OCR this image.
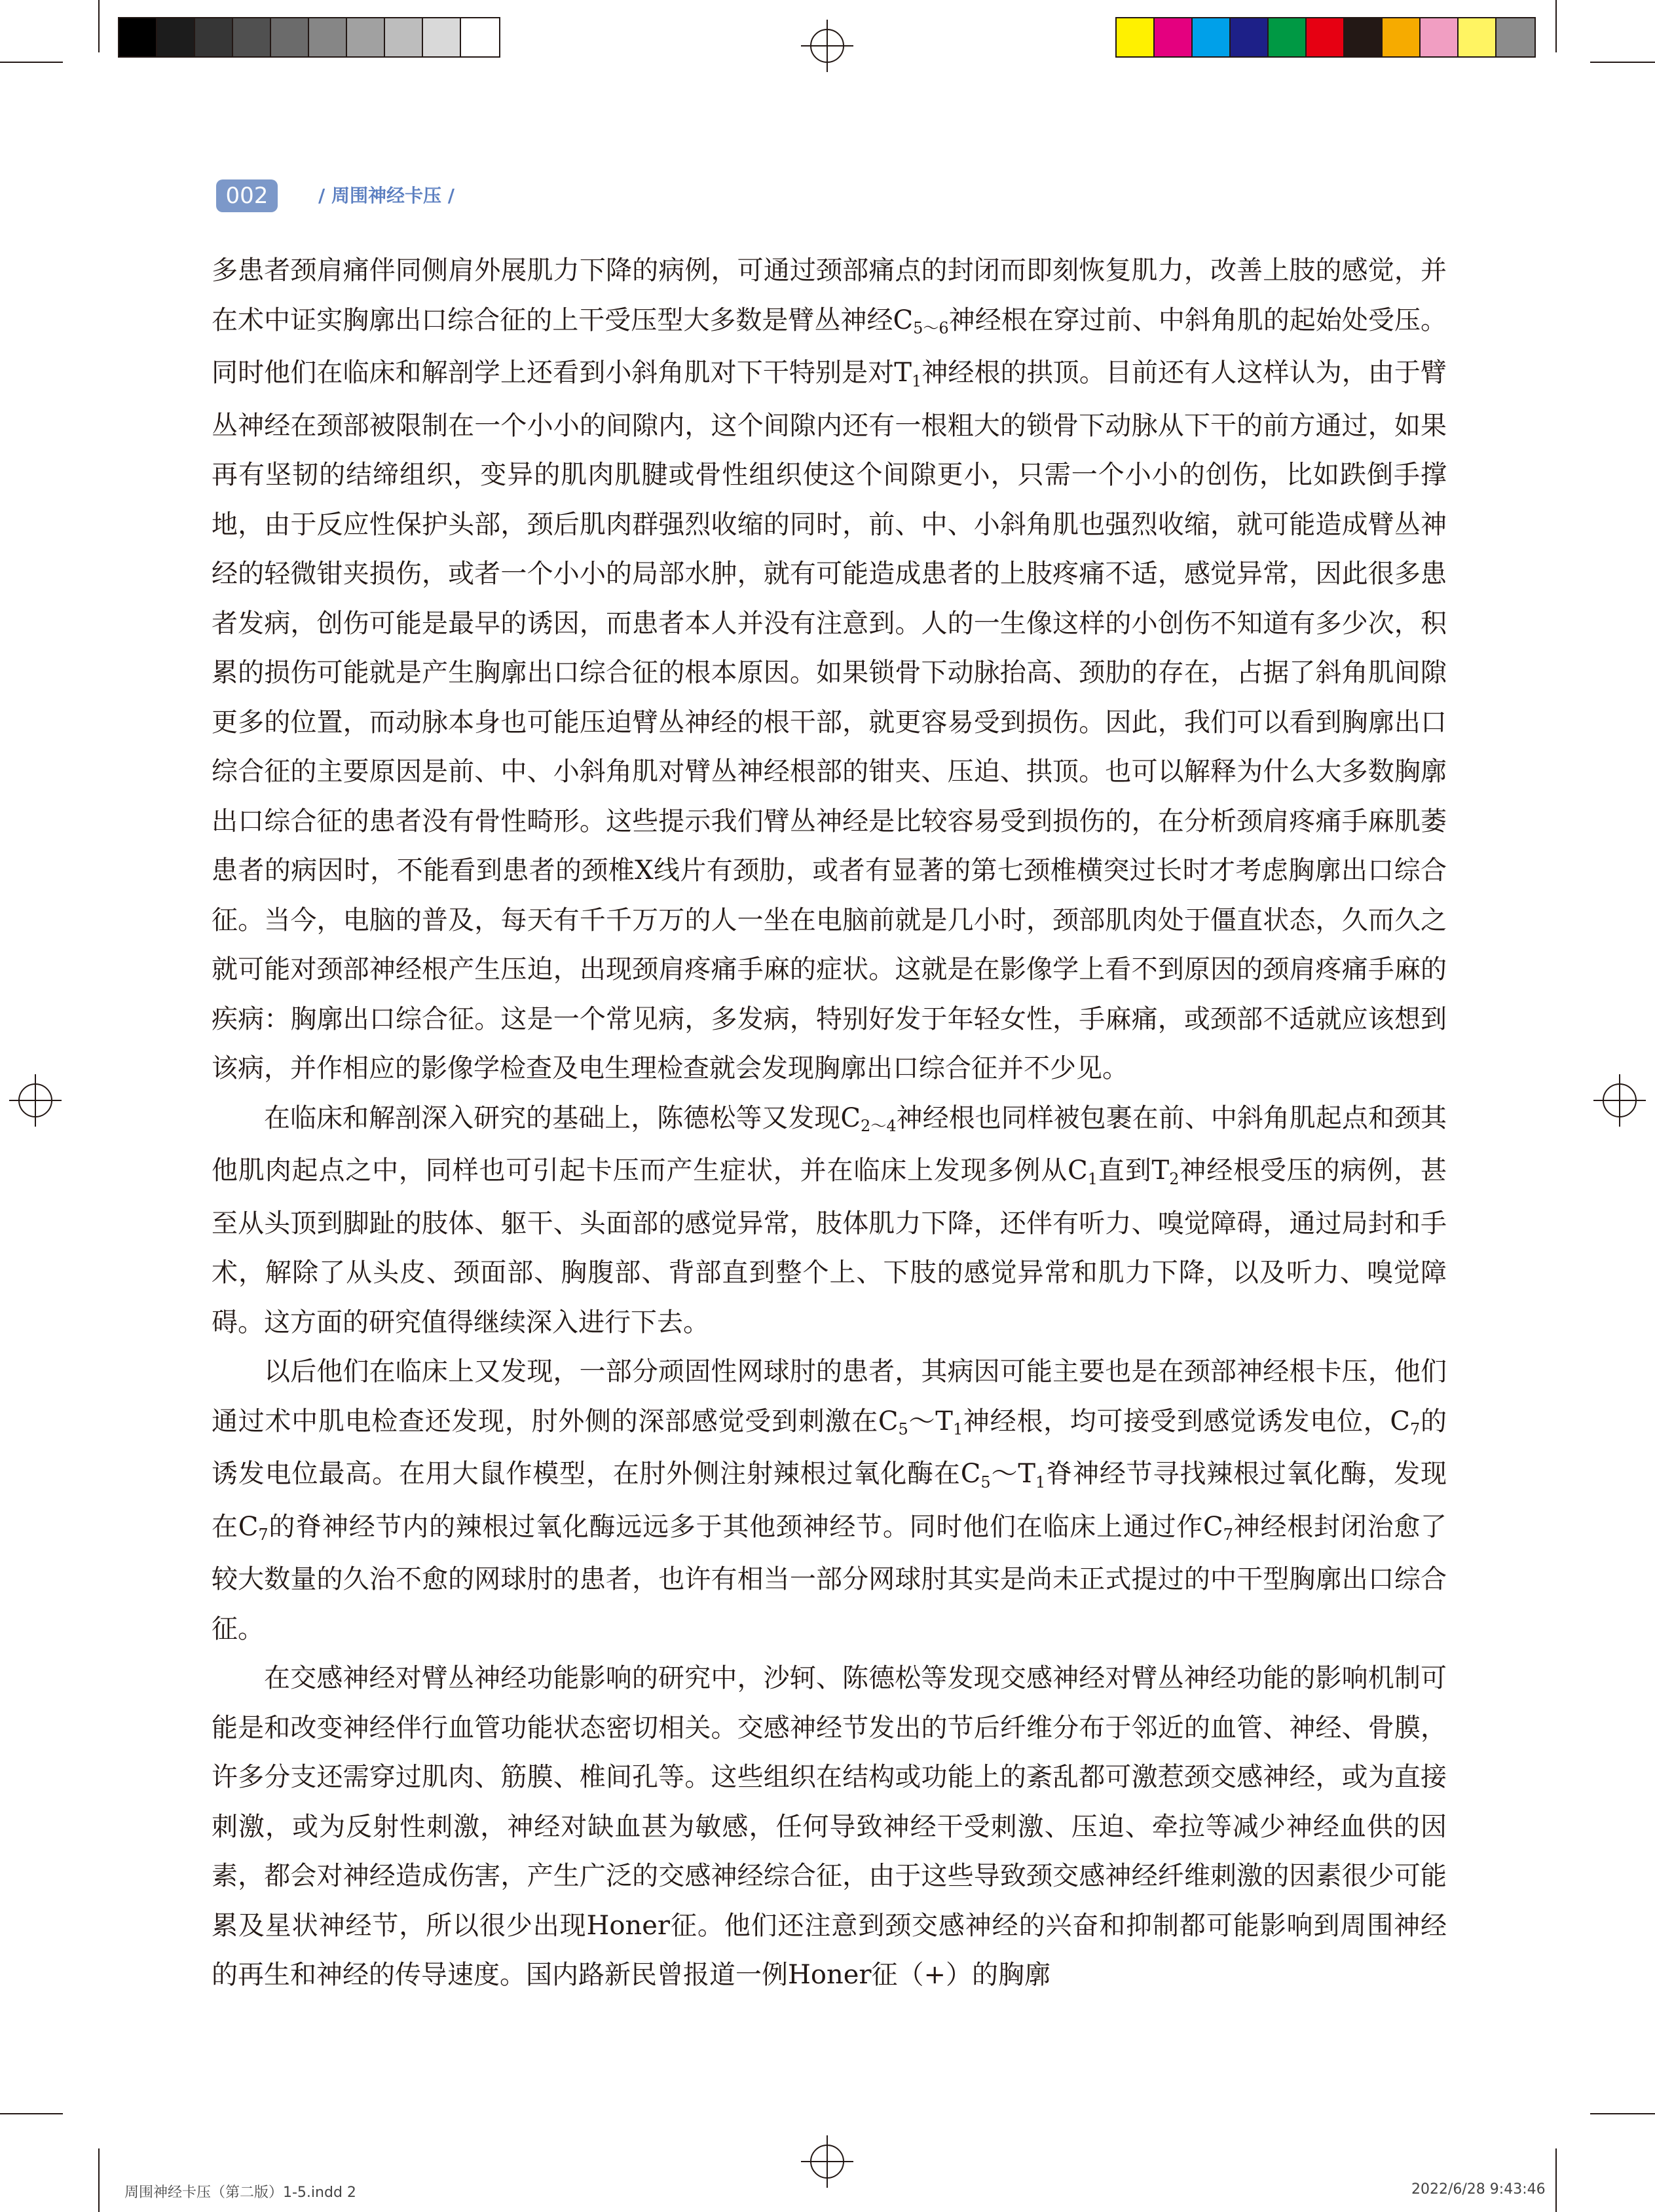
002	/ 周围神经卡压 /

多患者颈肩痛伴同侧肩外展肌力下降的病例，可通过颈部痛点的封闭而即刻恢复肌力，改善上肢的感觉，并在术中证实胸廓出口综合征的上干受压型大多数是臂丛神经$C_{5\sim 6}$神经根在穿过前、中斜角肌的起始处受压。同时他们在临床和解剖学上还看到小斜角肌对下干特别是对$T_1$神经根的拱顶。目前还有人这样认为，由于臂丛神经在颈部被限制在一个小小的间隙内，这个间隙内还有一根粗大的锁骨下动脉从下干的前方通过，如果再有坚韧的结缔组织，变异的肌肉肌腱或骨性组织使这个间隙更小，只需一个小小的创伤，比如跌倒手撑地，由于反应性保护头部，颈后肌肉群强烈收缩的同时，前、中、小斜角肌也强烈收缩，就可能造成臂丛神经的轻微钳夹损伤，或者一个小小的局部水肿，就有可能造成患者的上肢疼痛不适，感觉异常，因此很多患者发病，创伤可能是最早的诱因，而患者本人并没有注意到。人的一生像这样的小创伤不知道有多少次，积累的损伤可能就是产生胸廓出口综合征的根本原因。如果锁骨下动脉抬高、颈肋的存在，占据了斜角肌间隙更多的位置，而动脉本身也可能压迫臂丛神经的根干部，就更容易受到损伤。因此，我们可以看到胸廓出口综合征的主要原因是前、中、小斜角肌对臂丛神经根部的钳夹、压迫、拱顶。也可以解释为什么大多数胸廓出口综合征的患者没有骨性畸形。这些提示我们臂丛神经是比较容易受到损伤的，在分析颈肩疼痛手麻肌萎患者的病因时，不能看到患者的颈椎X线片有颈肋，或者有显著的第七颈椎横突过长时才考虑胸廓出口综合征。当今，电脑的普及，每天有千千万万的人一坐在电脑前就是几小时，颈部肌肉处于僵直状态，久而久之就可能对颈部神经根产生压迫，出现颈肩疼痛手麻的症状。这就是在影像学上看不到原因的颈肩疼痛手麻的疾病：胸廓出口综合征。这是一个常见病，多发病，特别好发于年轻女性，手麻痛，或颈部不适就应该想到该病，并作相应的影像学检查及电生理检查就会发现胸廓出口综合征并不少见。

在临床和解剖深入研究的基础上，陈德松等又发现$C_{2\sim 4}$神经根也同样被包裹在前、中斜角肌起点和颈其他肌肉起点之中，同样也可引起卡压而产生症状，并在临床上发现多例从$C_1$直到$T_2$神经根受压的病例，甚至从头顶到脚趾的肢体、躯干、头面部的感觉异常，肢体肌力下降，还伴有听力、嗅觉障碍，通过局封和手术，解除了从头皮、颈面部、胸腹部、背部直到整个上、下肢的感觉异常和肌力下降，以及听力、嗅觉障碍。这方面的研究值得继续深入进行下去。

以后他们在临床上又发现，一部分顽固性网球肘的患者，其病因可能主要也是在颈部神经根卡压，他们通过术中肌电检查还发现，肘外侧的深部感觉受到刺激在$C_5\sim T_1$神经根，均可接受到感觉诱发电位，$C_7$的诱发电位最高。在用大鼠作模型，在肘外侧注射辣根过氧化酶在$C_5\sim T_1$脊神经节寻找辣根过氧化酶，发现在$C_7$的脊神经节内的辣根过氧化酶远远多于其他颈神经节。同时他们在临床上通过作$C_7$神经根封闭治愈了较大数量的久治不愈的网球肘的患者，也许有相当一部分网球肘其实是尚未正式提过的中干型胸廓出口综合征。

在交感神经对臂丛神经功能影响的研究中，沙轲、陈德松等发现交感神经对臂丛神经功能的影响机制可能是和改变神经伴行血管功能状态密切相关。交感神经节发出的节后纤维分布于邻近的血管、神经、骨膜，许多分支还需穿过肌肉、筋膜、椎间孔等。这些组织在结构或功能上的紊乱都可激惹颈交感神经，或为直接刺激，或为反射性刺激，神经对缺血甚为敏感，任何导致神经干受刺激、压迫、牵拉等减少神经血供的因素，都会对神经造成伤害，产生广泛的交感神经综合征，由于这些导致颈交感神经纤维刺激的因素很少可能累及星状神经节，所以很少出现Honer征。他们还注意到颈交感神经的兴奋和抑制都可能影响到周围神经的再生和神经的传导速度。国内路新民曾报道一例Honer征（+）的胸廓

周围神经卡压（第二版）1-5.indd 2	2022/6/28 9:43:46
